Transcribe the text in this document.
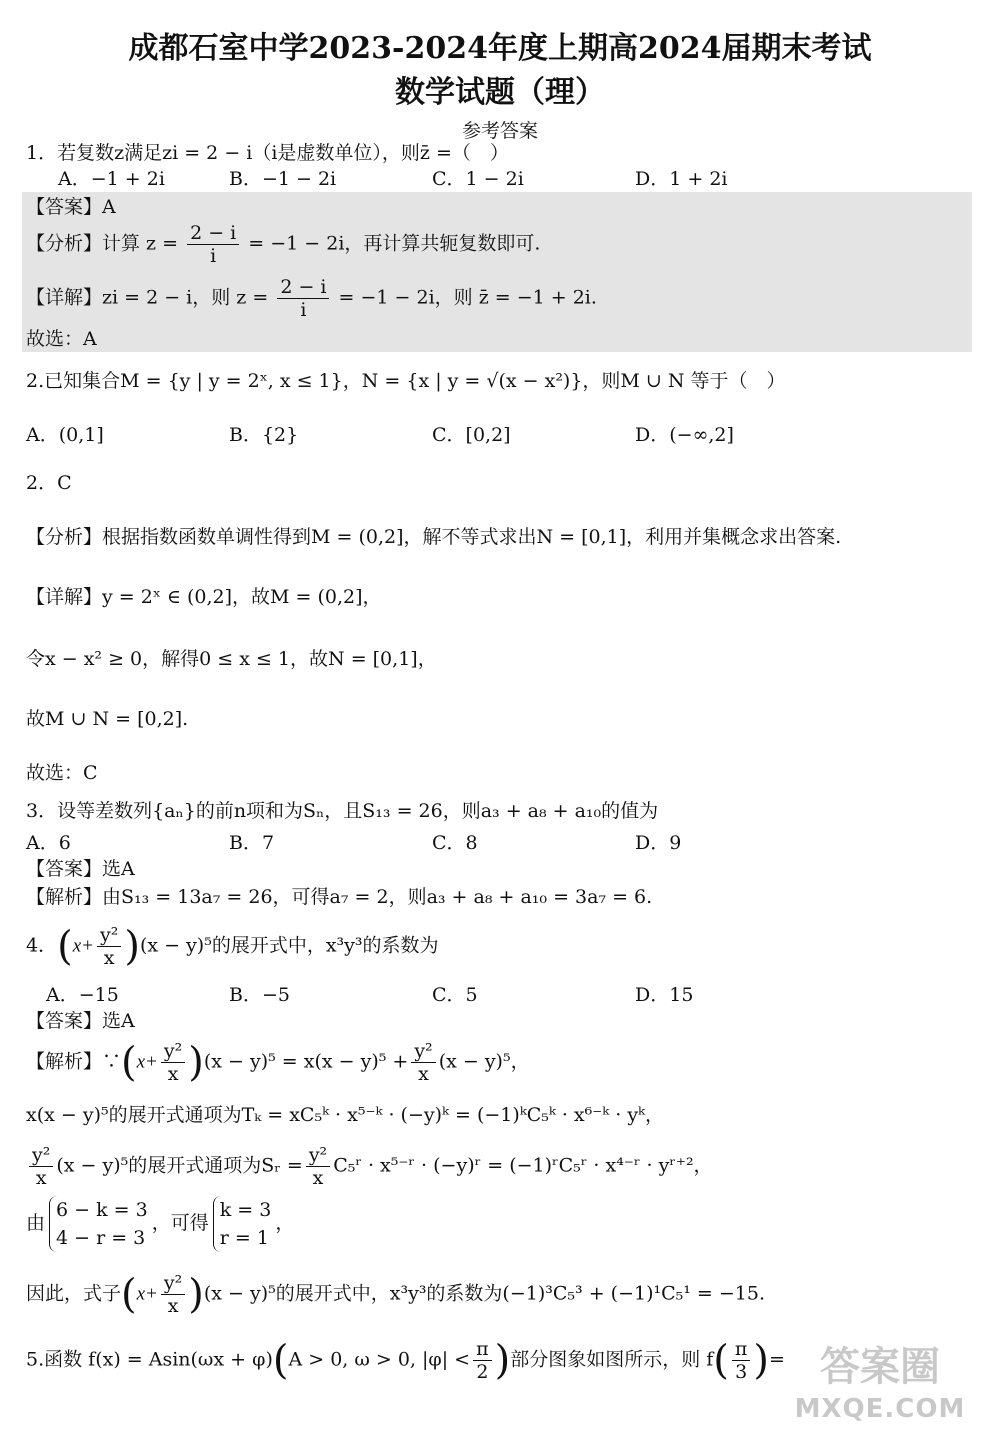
成都石室中学2023-2024年度上期高2024届期末考试
数学试题（理）
参考答案
1．若复数z满足zi = 2 − i（i是虚数单位），则z̄ =（　）
A．−1 + 2i	B．−1 − 2i	C．1 − 2i	D．1 + 2i
【答案】A
【分析】计算 $z = \frac{2 - i}{i} = -1 - 2i$，再计算共轭复数即可.
【详解】zi = 2 − i，则 $z = \frac{2 - i}{i} = -1 - 2i$，则 z̄ = −1 + 2i.
故选：A
2.已知集合M = {y | y = 2ˣ, x ≤ 1}，N = {x | y = √(x − x²)}，则M ∪ N 等于（　）
A．(0,1]	B．{2}	C．[0,2]	D．(−∞,2]
2．C
【分析】根据指数函数单调性得到M = (0,2]，解不等式求出N = [0,1]，利用并集概念求出答案.
【详解】y = 2ˣ ∈ (0,2]，故M = (0,2]，
令x − x² ≥ 0，解得0 ≤ x ≤ 1，故N = [0,1]，
故M ∪ N = [0,2].
故选：C
3．设等差数列{aₙ}的前n项和为Sₙ，且S₁₃ = 26，则a₃ + a₈ + a₁₀的值为
A．6	B．7	C．8	D．9
【答案】选A
【解析】由S₁₃ = 13a₇ = 26，可得a₇ = 2，则a₃ + a₈ + a₁₀ = 3a₇ = 6.
4．$(x+ \frac{\text{y²}}{x} )(x - y)^5$的展开式中，x³y³的系数为
A．−15	B．−5	C．5	D．15
【答案】选A
【解析】∵(x+ $\frac{\text{y²}}{x} )(x - y)^5 = x(x - y)^5 + \frac{\text{y²}}{x} (x - y)^5$，
x(x − y)⁵的展开式通项为Tₖ = xC₅ᵏ · x⁵⁻ᵏ · (−y)ᵏ = (−1)ᵏC₅ᵏ · x⁶⁻ᵏ · yᵏ，
$\frac{\text{y²}}{x} (x - y)^5$的展开式通项为Sᵣ = $\frac{\text{y²}}{x}$ C₅ʳ · x⁵⁻ʳ · (−y)ʳ = (−1)ʳC₅ʳ · x⁴⁻ʳ · yʳ⁺²，
由
6 − k = 3
4 − r = 3
，可得
k = 3
r = 1
，
因此，式子$(x+ \frac{\text{y²}}{x} )(x - y)^5$的展开式中，x³y³的系数为(−1)³C₅³ + (−1)¹C₅¹ = −15.
5.函数 f(x) = Asin(ωx + φ)(A > 0, ω > 0, $|\varphi| < \frac{\pi}{2}$ )部分图象如图所示，则 $f( \frac{\pi}{3}$ )= 答案圈
MXQE.COM
